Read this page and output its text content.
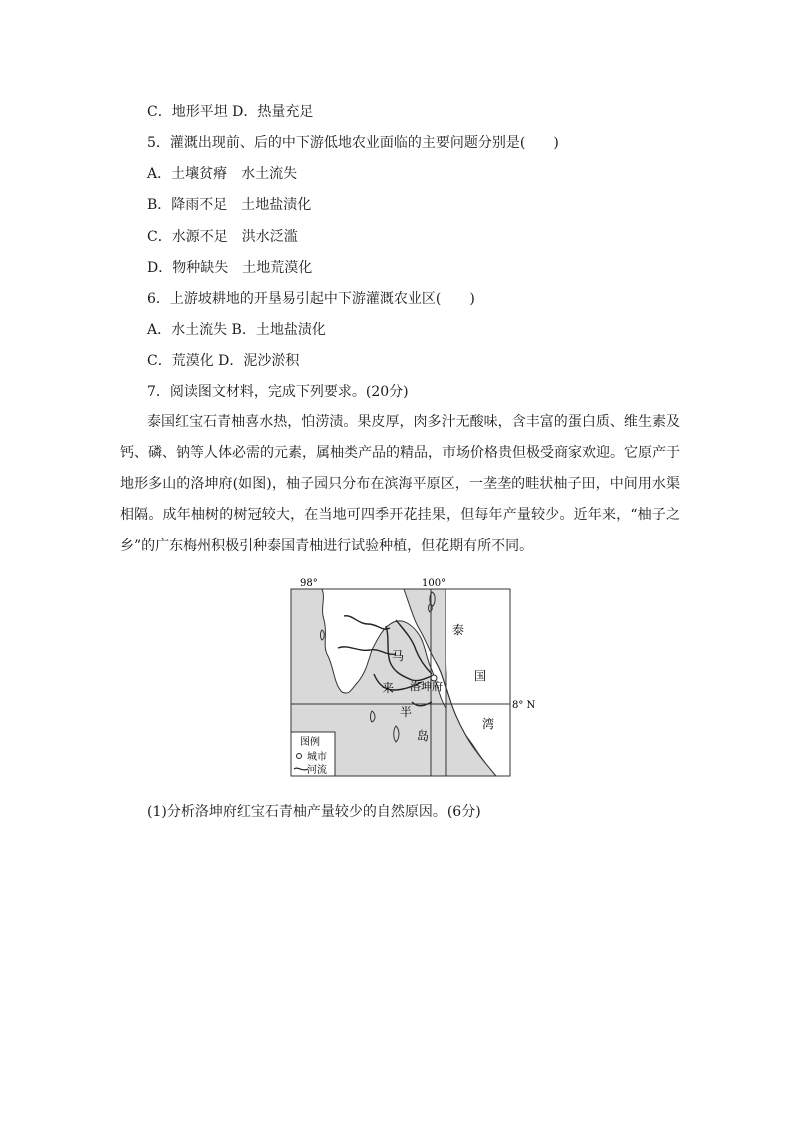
C．地形平坦 D．热量充足
5．灌溉出现前、后的中下游低地农业面临的主要问题分别是(　　)
A．土壤贫瘠　水土流失
B．降雨不足　土地盐渍化
C．水源不足　洪水泛滥
D．物种缺失　土地荒漠化
6．上游坡耕地的开垦易引起中下游灌溉农业区(　　)
A．水土流失 B．土地盐渍化
C．荒漠化 D．泥沙淤积
7．阅读图文材料，完成下列要求。(20分)

泰国红宝石青柚喜水热，怕涝渍。果皮厚，肉多汁无酸味，含丰富的蛋白质、维生素及钙、磷、钠等人体必需的元素，属柚类产品的精品，市场价格贵但极受商家欢迎。它原产于地形多山的洛坤府(如图)，柚子园只分布在滨海平原区，一垄垄的畦状柚子田，中间用水渠相隔。成年柚树的树冠较大，在当地可四季开花挂果，但每年产量较少。近年来，“柚子之乡”的广东梅州积极引种泰国青柚进行试验种植，但花期有所不同。

98°	100°
8° N
泰
国
湾
马
来
半
岛
洛坤府
图例
城市
河流
(1)分析洛坤府红宝石青柚产量较少的自然原因。(6分)
